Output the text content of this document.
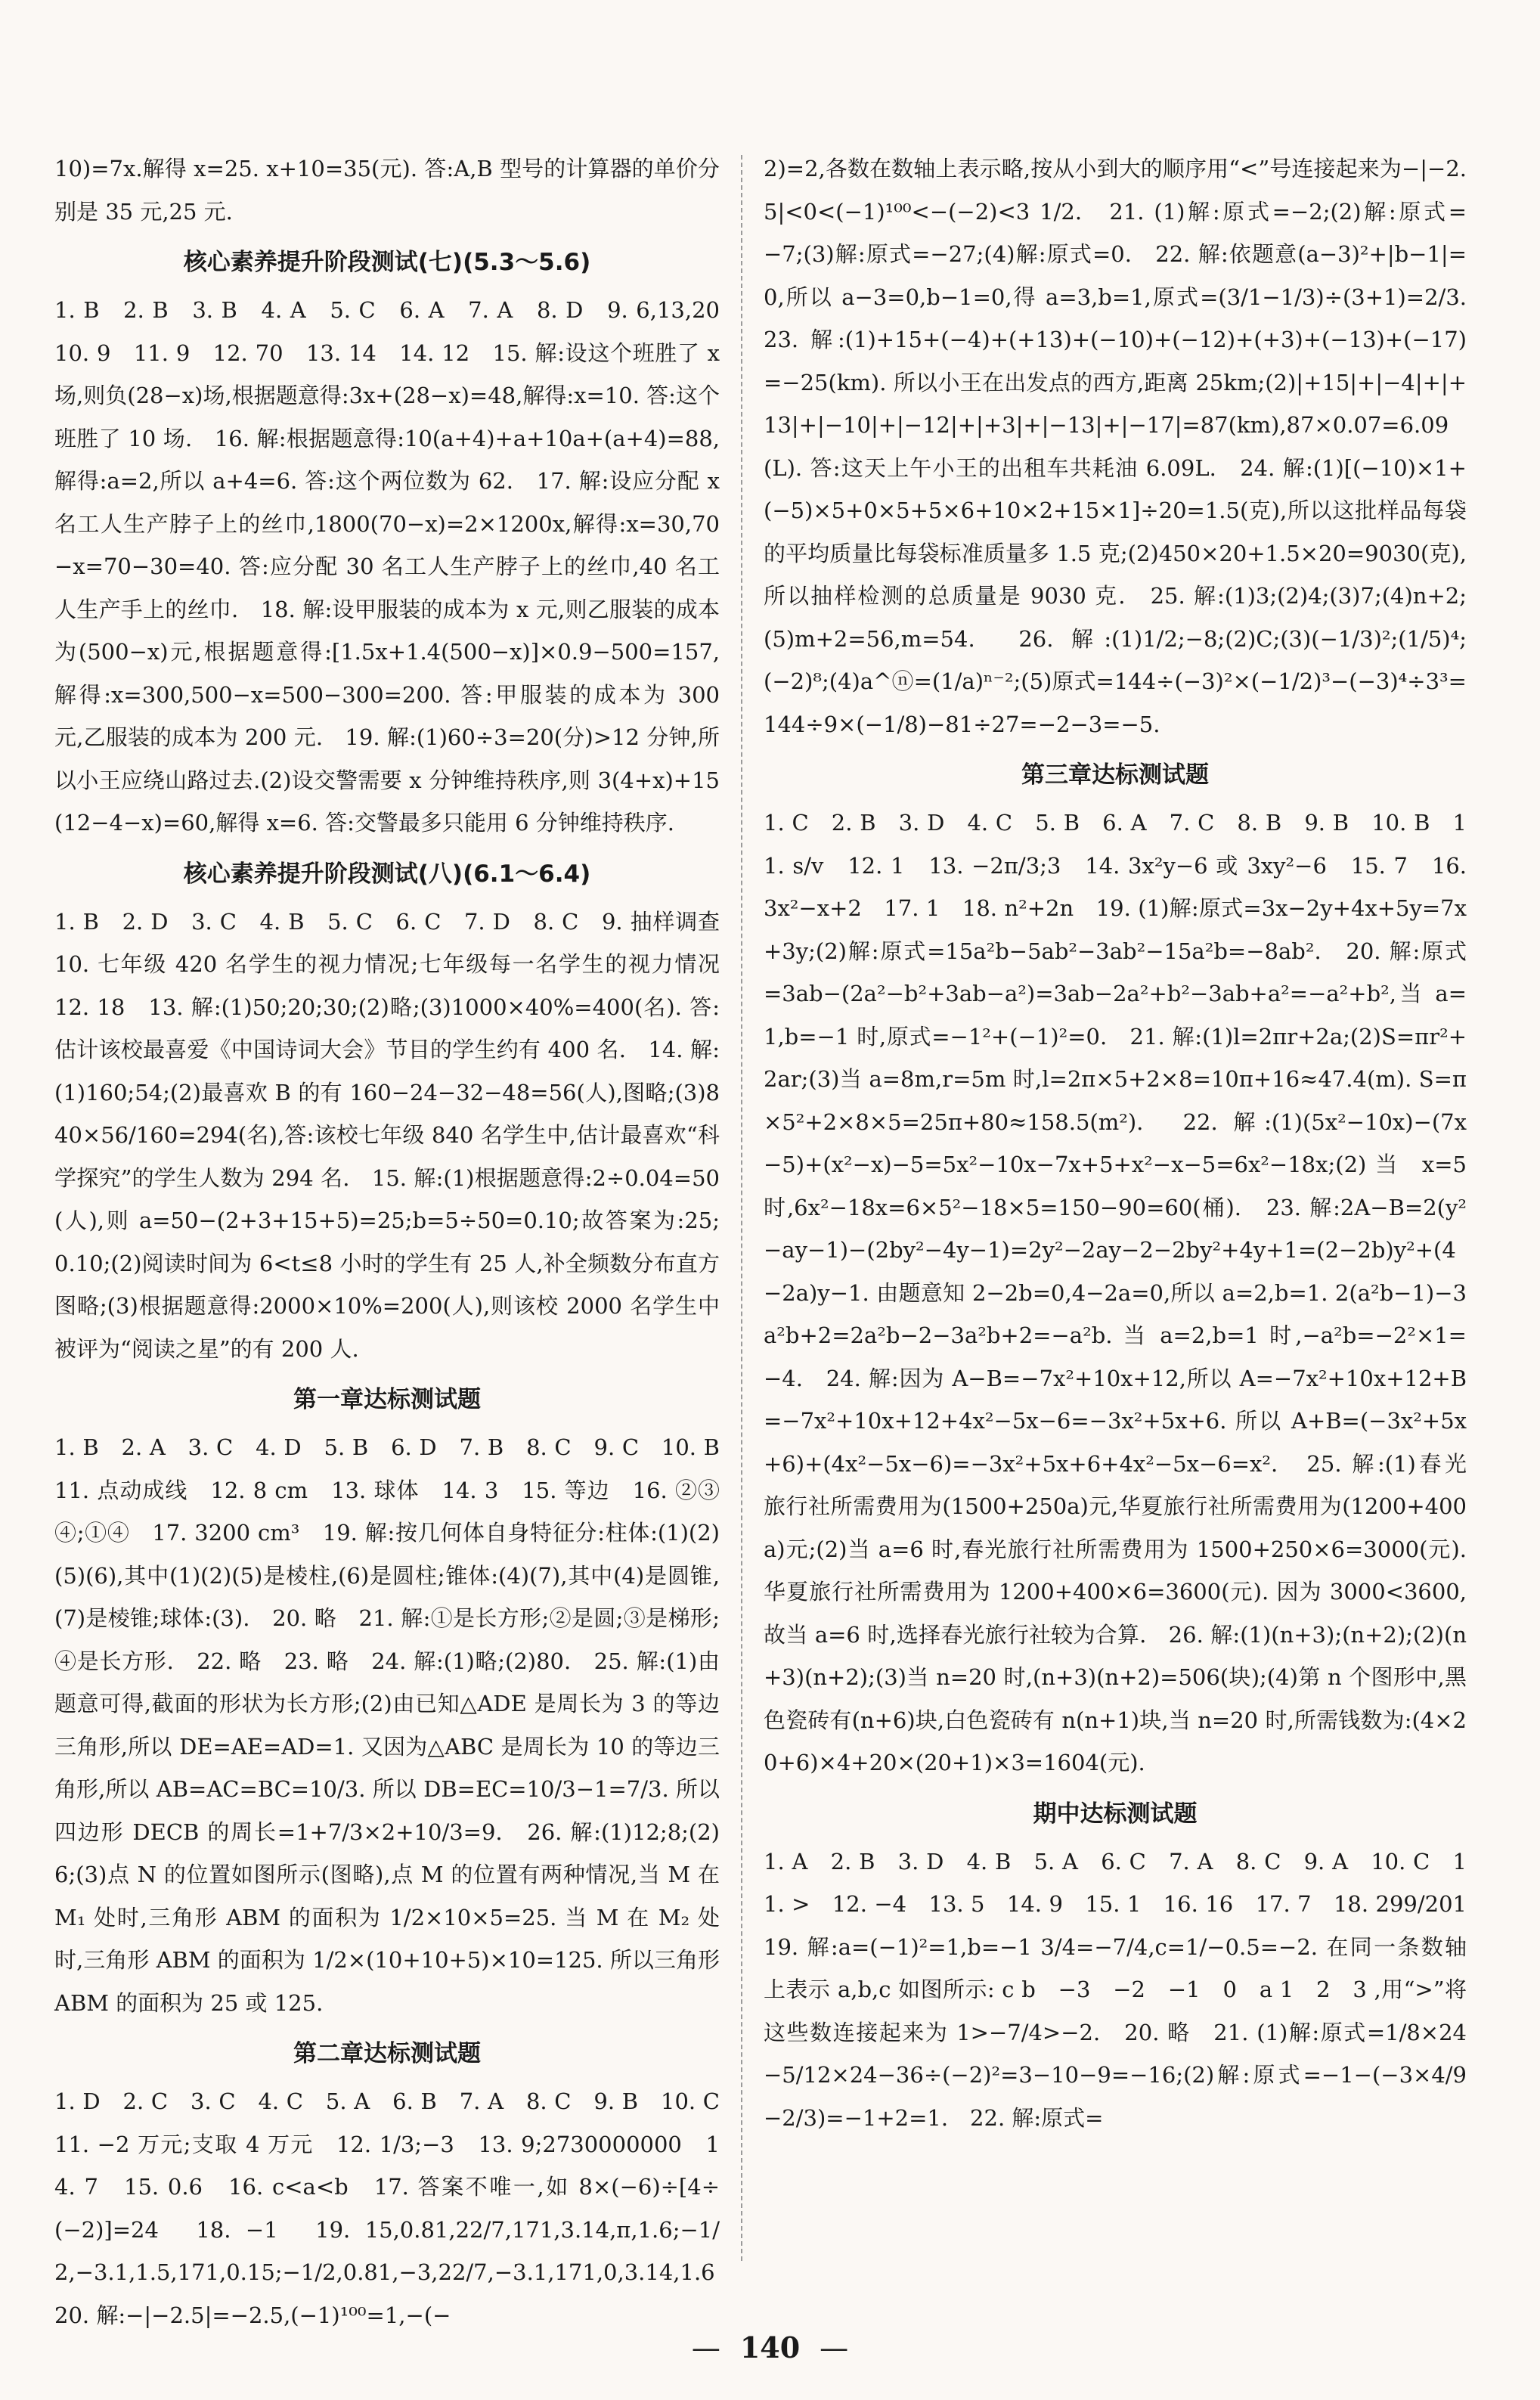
10)=7x.解得 x=25. x+10=35(元). 答:A,B 型号的计算器的单价分别是 35 元,25 元.
核心素养提升阶段测试(七)(5.3～5.6)
1. B　2. B　3. B　4. A　5. C　6. A　7. A　8. D　9. 6,13,20　10. 9　11. 9　12. 70　13. 14　14. 12　15. 解:设这个班胜了 x 场,则负(28−x)场,根据题意得:3x+(28−x)=48,解得:x=10. 答:这个班胜了 10 场.　16. 解:根据题意得:10(a+4)+a+10a+(a+4)=88,解得:a=2,所以 a+4=6. 答:这个两位数为 62.　17. 解:设应分配 x 名工人生产脖子上的丝巾,1800(70−x)=2×1200x,解得:x=30,70−x=70−30=40. 答:应分配 30 名工人生产脖子上的丝巾,40 名工人生产手上的丝巾.　18. 解:设甲服装的成本为 x 元,则乙服装的成本为(500−x)元,根据题意得:[1.5x+1.4(500−x)]×0.9−500=157,解得:x=300,500−x=500−300=200. 答:甲服装的成本为 300 元,乙服装的成本为 200 元.　19. 解:(1)60÷3=20(分)>12 分钟,所以小王应绕山路过去.(2)设交警需要 x 分钟维持秩序,则 3(4+x)+15(12−4−x)=60,解得 x=6. 答:交警最多只能用 6 分钟维持秩序.
核心素养提升阶段测试(八)(6.1～6.4)
1. B　2. D　3. C　4. B　5. C　6. C　7. D　8. C　9. 抽样调查　10. 七年级 420 名学生的视力情况;七年级每一名学生的视力情况　12. 18　13. 解:(1)50;20;30;(2)略;(3)1000×40%=400(名). 答:估计该校最喜爱《中国诗词大会》节目的学生约有 400 名.　14. 解:(1)160;54;(2)最喜欢 B 的有 160−24−32−48=56(人),图略;(3)840×56/160=294(名),答:该校七年级 840 名学生中,估计最喜欢“科学探究”的学生人数为 294 名.　15. 解:(1)根据题意得:2÷0.04=50(人),则 a=50−(2+3+15+5)=25;b=5÷50=0.10;故答案为:25;0.10;(2)阅读时间为 6<t≤8 小时的学生有 25 人,补全频数分布直方图略;(3)根据题意得:2000×10%=200(人),则该校 2000 名学生中被评为“阅读之星”的有 200 人.
第一章达标测试题
1. B　2. A　3. C　4. D　5. B　6. D　7. B　8. C　9. C　10. B　11. 点动成线　12. 8 cm　13. 球体　14. 3　15. 等边　16. ②③④;①④　17. 3200 cm³　19. 解:按几何体自身特征分:柱体:(1)(2)(5)(6),其中(1)(2)(5)是棱柱,(6)是圆柱;锥体:(4)(7),其中(4)是圆锥,(7)是棱锥;球体:(3).　20. 略　21. 解:①是长方形;②是圆;③是梯形;④是长方形.　22. 略　23. 略　24. 解:(1)略;(2)80.　25. 解:(1)由题意可得,截面的形状为长方形;(2)由已知△ADE 是周长为 3 的等边三角形,所以 DE=AE=AD=1. 又因为△ABC 是周长为 10 的等边三角形,所以 AB=AC=BC=10/3. 所以 DB=EC=10/3−1=7/3. 所以四边形 DECB 的周长=1+7/3×2+10/3=9.　26. 解:(1)12;8;(2)6;(3)点 N 的位置如图所示(图略),点 M 的位置有两种情况,当 M 在 M₁ 处时,三角形 ABM 的面积为 1/2×10×5=25. 当 M 在 M₂ 处时,三角形 ABM 的面积为 1/2×(10+10+5)×10=125. 所以三角形 ABM 的面积为 25 或 125.
第二章达标测试题
1. D　2. C　3. C　4. C　5. A　6. B　7. A　8. C　9. B　10. C　11. −2 万元;支取 4 万元　12. 1/3;−3　13. 9;2730000000　14. 7　15. 0.6　16. c<a<b　17. 答案不唯一,如 8×(−6)÷[4÷(−2)]=24　18. −1　19. 15,0.81,22/7,171,3.14,π,1.6;−1/2,−3.1,1.5,171,0.15;−1/2,0.81,−3,22/7,−3.1,171,0,3.14,1.6　20. 解:−|−2.5|=−2.5,(−1)¹⁰⁰=1,−(−
2)=2,各数在数轴上表示略,按从小到大的顺序用“<”号连接起来为−|−2.5|<0<(−1)¹⁰⁰<−(−2)<3 1/2.　21. (1)解:原式=−2;(2)解:原式=−7;(3)解:原式=−27;(4)解:原式=0.　22. 解:依题意(a−3)²+|b−1|=0,所以 a−3=0,b−1=0,得 a=3,b=1,原式=(3/1−1/3)÷(3+1)=2/3.　23. 解:(1)+15+(−4)+(+13)+(−10)+(−12)+(+3)+(−13)+(−17)=−25(km). 所以小王在出发点的西方,距离 25km;(2)|+15|+|−4|+|+13|+|−10|+|−12|+|+3|+|−13|+|−17|=87(km),87×0.07=6.09(L). 答:这天上午小王的出租车共耗油 6.09L.　24. 解:(1)[(−10)×1+(−5)×5+0×5+5×6+10×2+15×1]÷20=1.5(克),所以这批样品每袋的平均质量比每袋标准质量多 1.5 克;(2)450×20+1.5×20=9030(克),所以抽样检测的总质量是 9030 克.　25. 解:(1)3;(2)4;(3)7;(4)n+2;(5)m+2=56,m=54.　26. 解:(1)1/2;−8;(2)C;(3)(−1/3)²;(1/5)⁴;(−2)⁸;(4)a^ⓝ=(1/a)ⁿ⁻²;(5)原式=144÷(−3)²×(−1/2)³−(−3)⁴÷3³=144÷9×(−1/8)−81÷27=−2−3=−5.
第三章达标测试题
1. C　2. B　3. D　4. C　5. B　6. A　7. C　8. B　9. B　10. B　11. s/v　12. 1　13. −2π/3;3　14. 3x²y−6 或 3xy²−6　15. 7　16. 3x²−x+2　17. 1　18. n²+2n　19. (1)解:原式=3x−2y+4x+5y=7x+3y;(2)解:原式=15a²b−5ab²−3ab²−15a²b=−8ab².　20. 解:原式=3ab−(2a²−b²+3ab−a²)=3ab−2a²+b²−3ab+a²=−a²+b²,当 a=1,b=−1 时,原式=−1²+(−1)²=0.　21. 解:(1)l=2πr+2a;(2)S=πr²+2ar;(3)当 a=8m,r=5m 时,l=2π×5+2×8=10π+16≈47.4(m). S=π×5²+2×8×5=25π+80≈158.5(m²).　22. 解:(1)(5x²−10x)−(7x−5)+(x²−x)−5=5x²−10x−7x+5+x²−x−5=6x²−18x;(2)当 x=5 时,6x²−18x=6×5²−18×5=150−90=60(桶).　23. 解:2A−B=2(y²−ay−1)−(2by²−4y−1)=2y²−2ay−2−2by²+4y+1=(2−2b)y²+(4−2a)y−1. 由题意知 2−2b=0,4−2a=0,所以 a=2,b=1. 2(a²b−1)−3a²b+2=2a²b−2−3a²b+2=−a²b. 当 a=2,b=1 时,−a²b=−2²×1=−4.　24. 解:因为 A−B=−7x²+10x+12,所以 A=−7x²+10x+12+B=−7x²+10x+12+4x²−5x−6=−3x²+5x+6. 所以 A+B=(−3x²+5x+6)+(4x²−5x−6)=−3x²+5x+6+4x²−5x−6=x².　25. 解:(1)春光旅行社所需费用为(1500+250a)元,华夏旅行社所需费用为(1200+400a)元;(2)当 a=6 时,春光旅行社所需费用为 1500+250×6=3000(元). 华夏旅行社所需费用为 1200+400×6=3600(元). 因为 3000<3600,故当 a=6 时,选择春光旅行社较为合算.　26. 解:(1)(n+3);(n+2);(2)(n+3)(n+2);(3)当 n=20 时,(n+3)(n+2)=506(块);(4)第 n 个图形中,黑色瓷砖有(n+6)块,白色瓷砖有 n(n+1)块,当 n=20 时,所需钱数为:(4×20+6)×4+20×(20+1)×3=1604(元).
期中达标测试题
1. A　2. B　3. D　4. B　5. A　6. C　7. A　8. C　9. A　10. C　11. >　12. −4　13. 5　14. 9　15. 1　16. 16　17. 7　18. 299/201　19. 解:a=(−1)²=1,b=−1 3/4=−7/4,c=1/−0.5=−2. 在同一条数轴上表示 a,b,c 如图所示: c b　−3　−2　−1　0　a 1　2　3 ,用“>”将这些数连接起来为 1>−7/4>−2.　20. 略　21. (1)解:原式=1/8×24−5/12×24−36÷(−2)²=3−10−9=−16;(2)解:原式=−1−(−3×4/9−2/3)=−1+2=1.　22. 解:原式=
— 140 —
